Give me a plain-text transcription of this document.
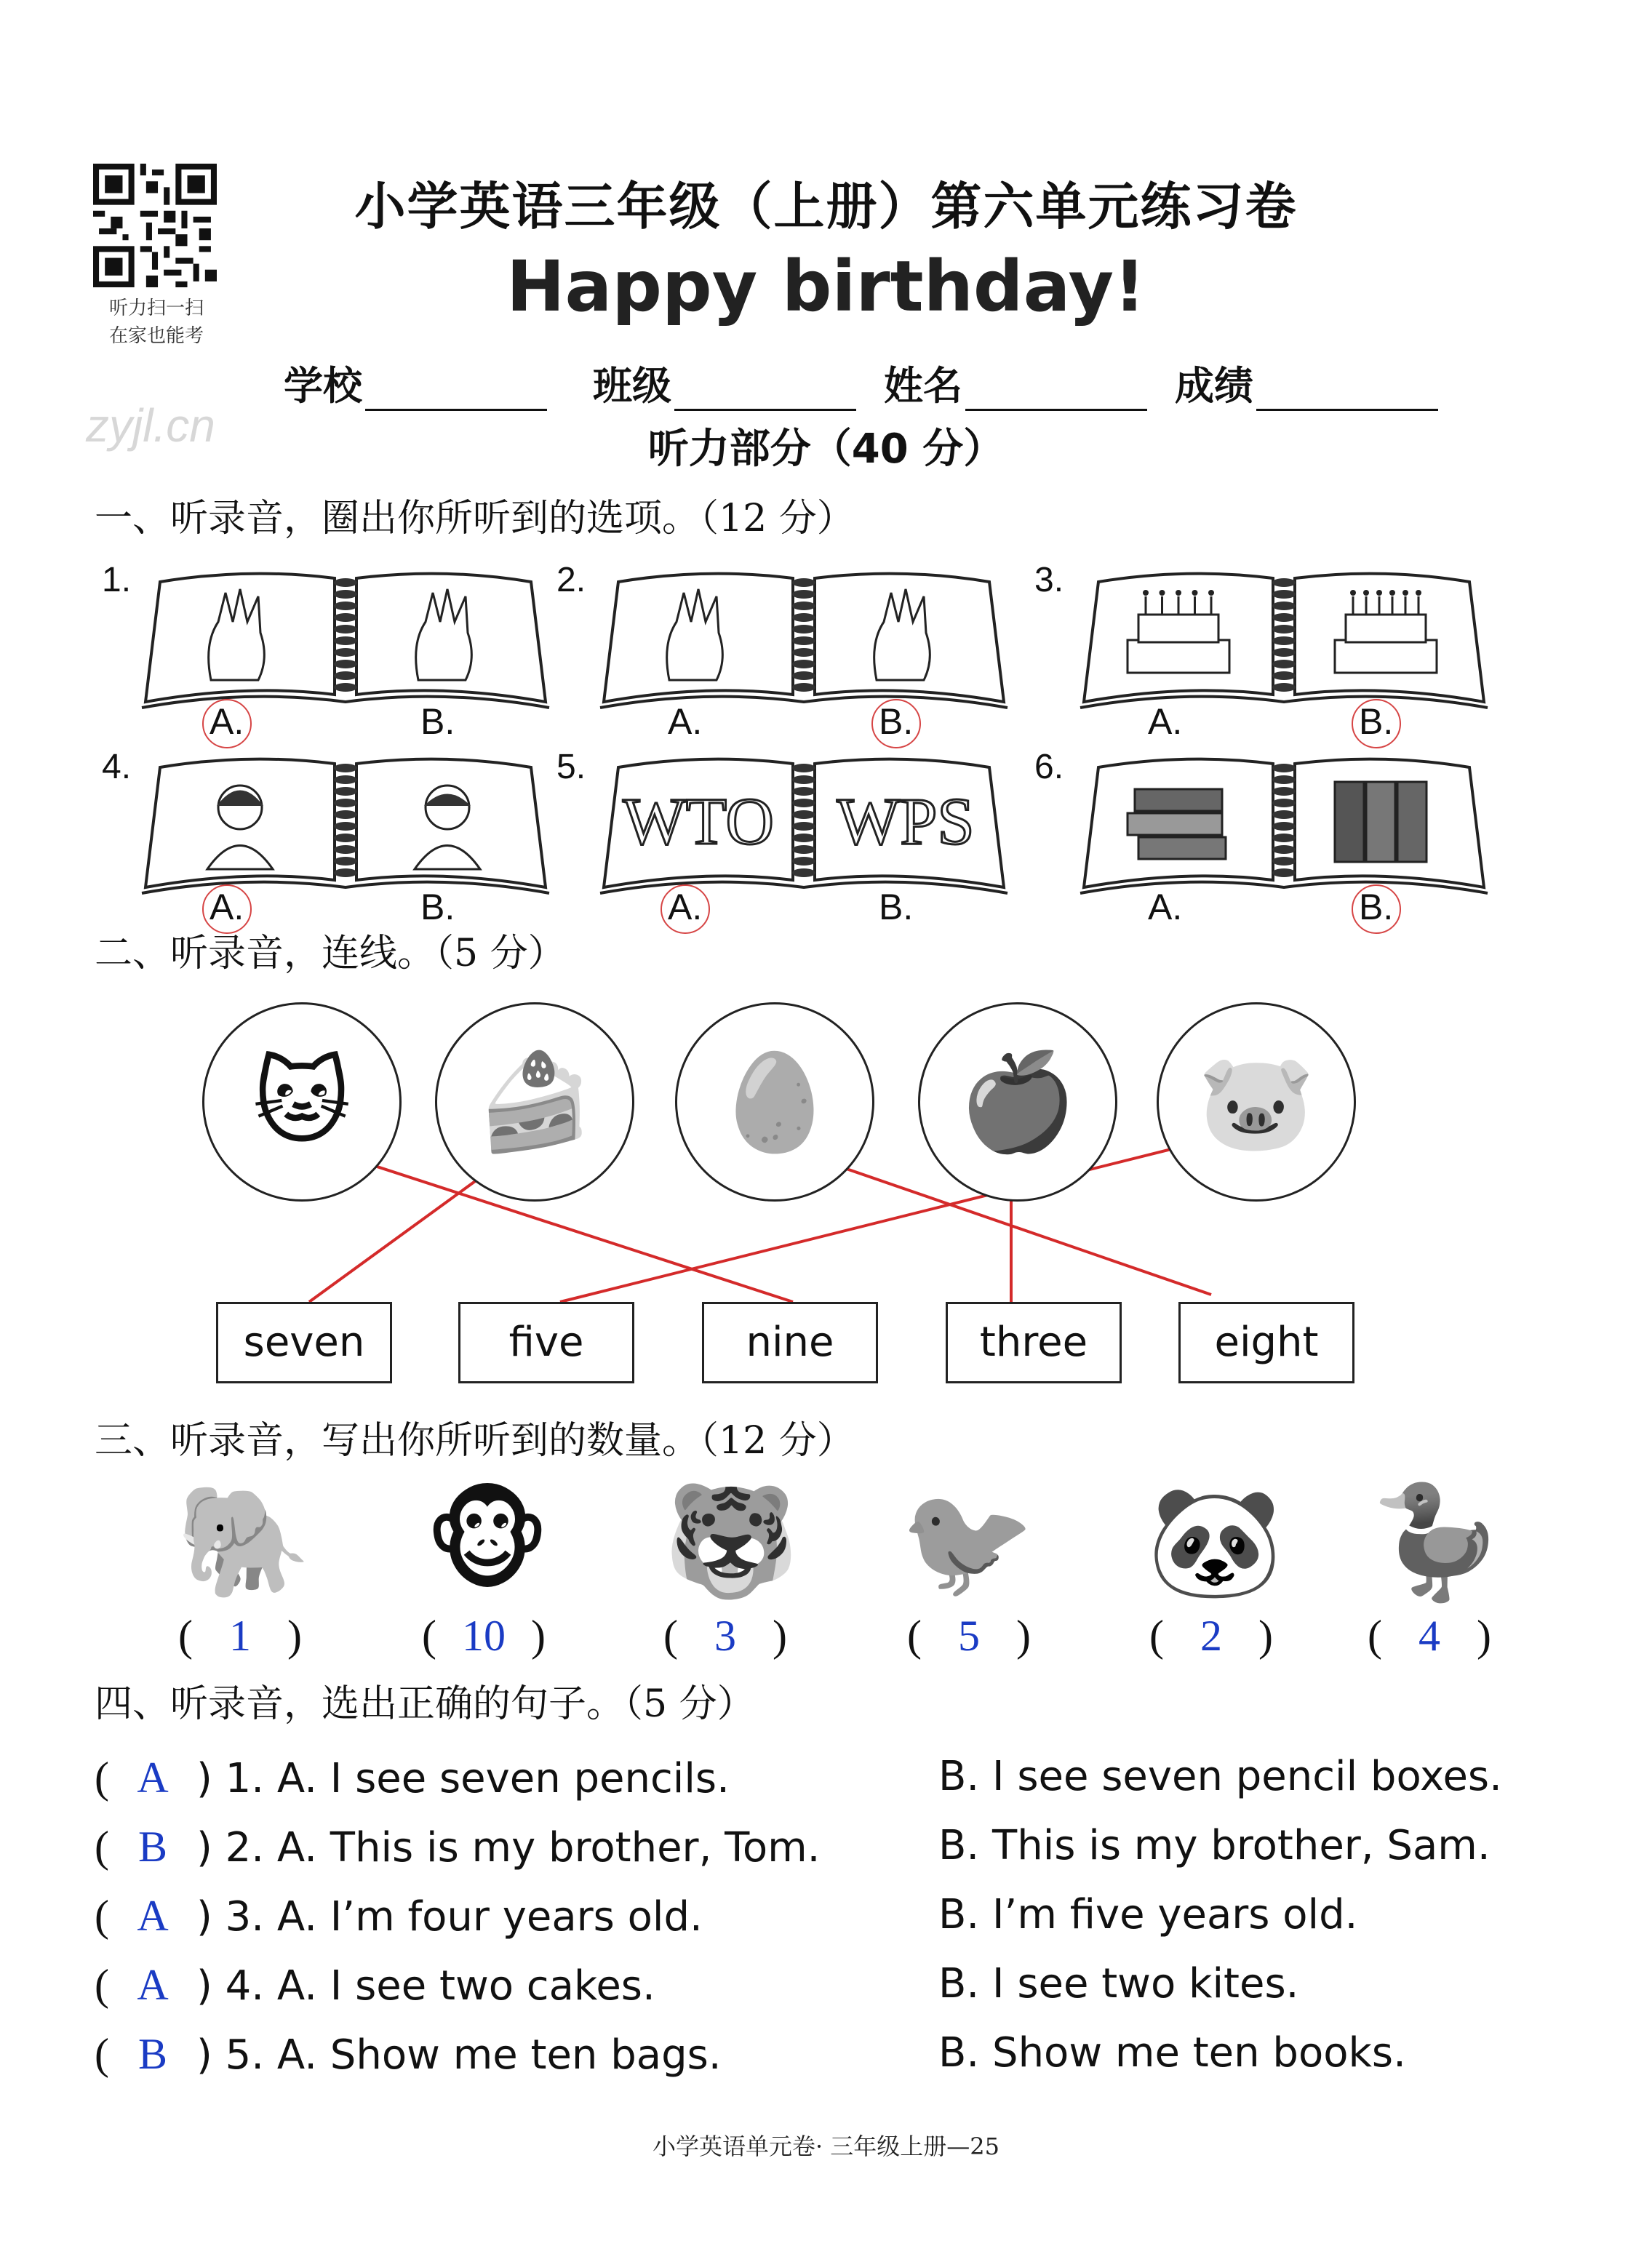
听力扫一扫
在家也能考
zyjl.cn
小学英语三年级（上册）第六单元练习卷
Happy birthday!
学校	班级	姓名	成绩
听力部分（40 分）
一、听录音，圈出你所听到的选项。（12 分）
1.
A.	B.
2.
A.	B.
3.
A.	B.
4.
A.	B.
5.
WTO WPS
A.	B.
6.
A.	B.
二、听录音，连线。（5 分）
🐱	🍰	🥚	🍎	🐷
seven	five	nine	three	eight
三、听录音，写出你所听到的数量。（12 分）
🐘 🐵 🐯 🐦 🐼 🦆
( 1 )	( 10 )	( 3 )	( 5 )	( 2 ) ( 4 )
四、听录音，选出正确的句子。（5 分）
( A ) 1. A. I see seven pencils.	B. I see seven pencil boxes.
( B ) 2. A. This is my brother, Tom.	B. This is my brother, Sam.
( A ) 3. A. I’m four years old.	B. I’m five years old.
( A ) 4. A. I see two cakes.	B. I see two kites.
( B ) 5. A. Show me ten bags.	B. Show me ten books.
小学英语单元卷· 三年级上册—25
